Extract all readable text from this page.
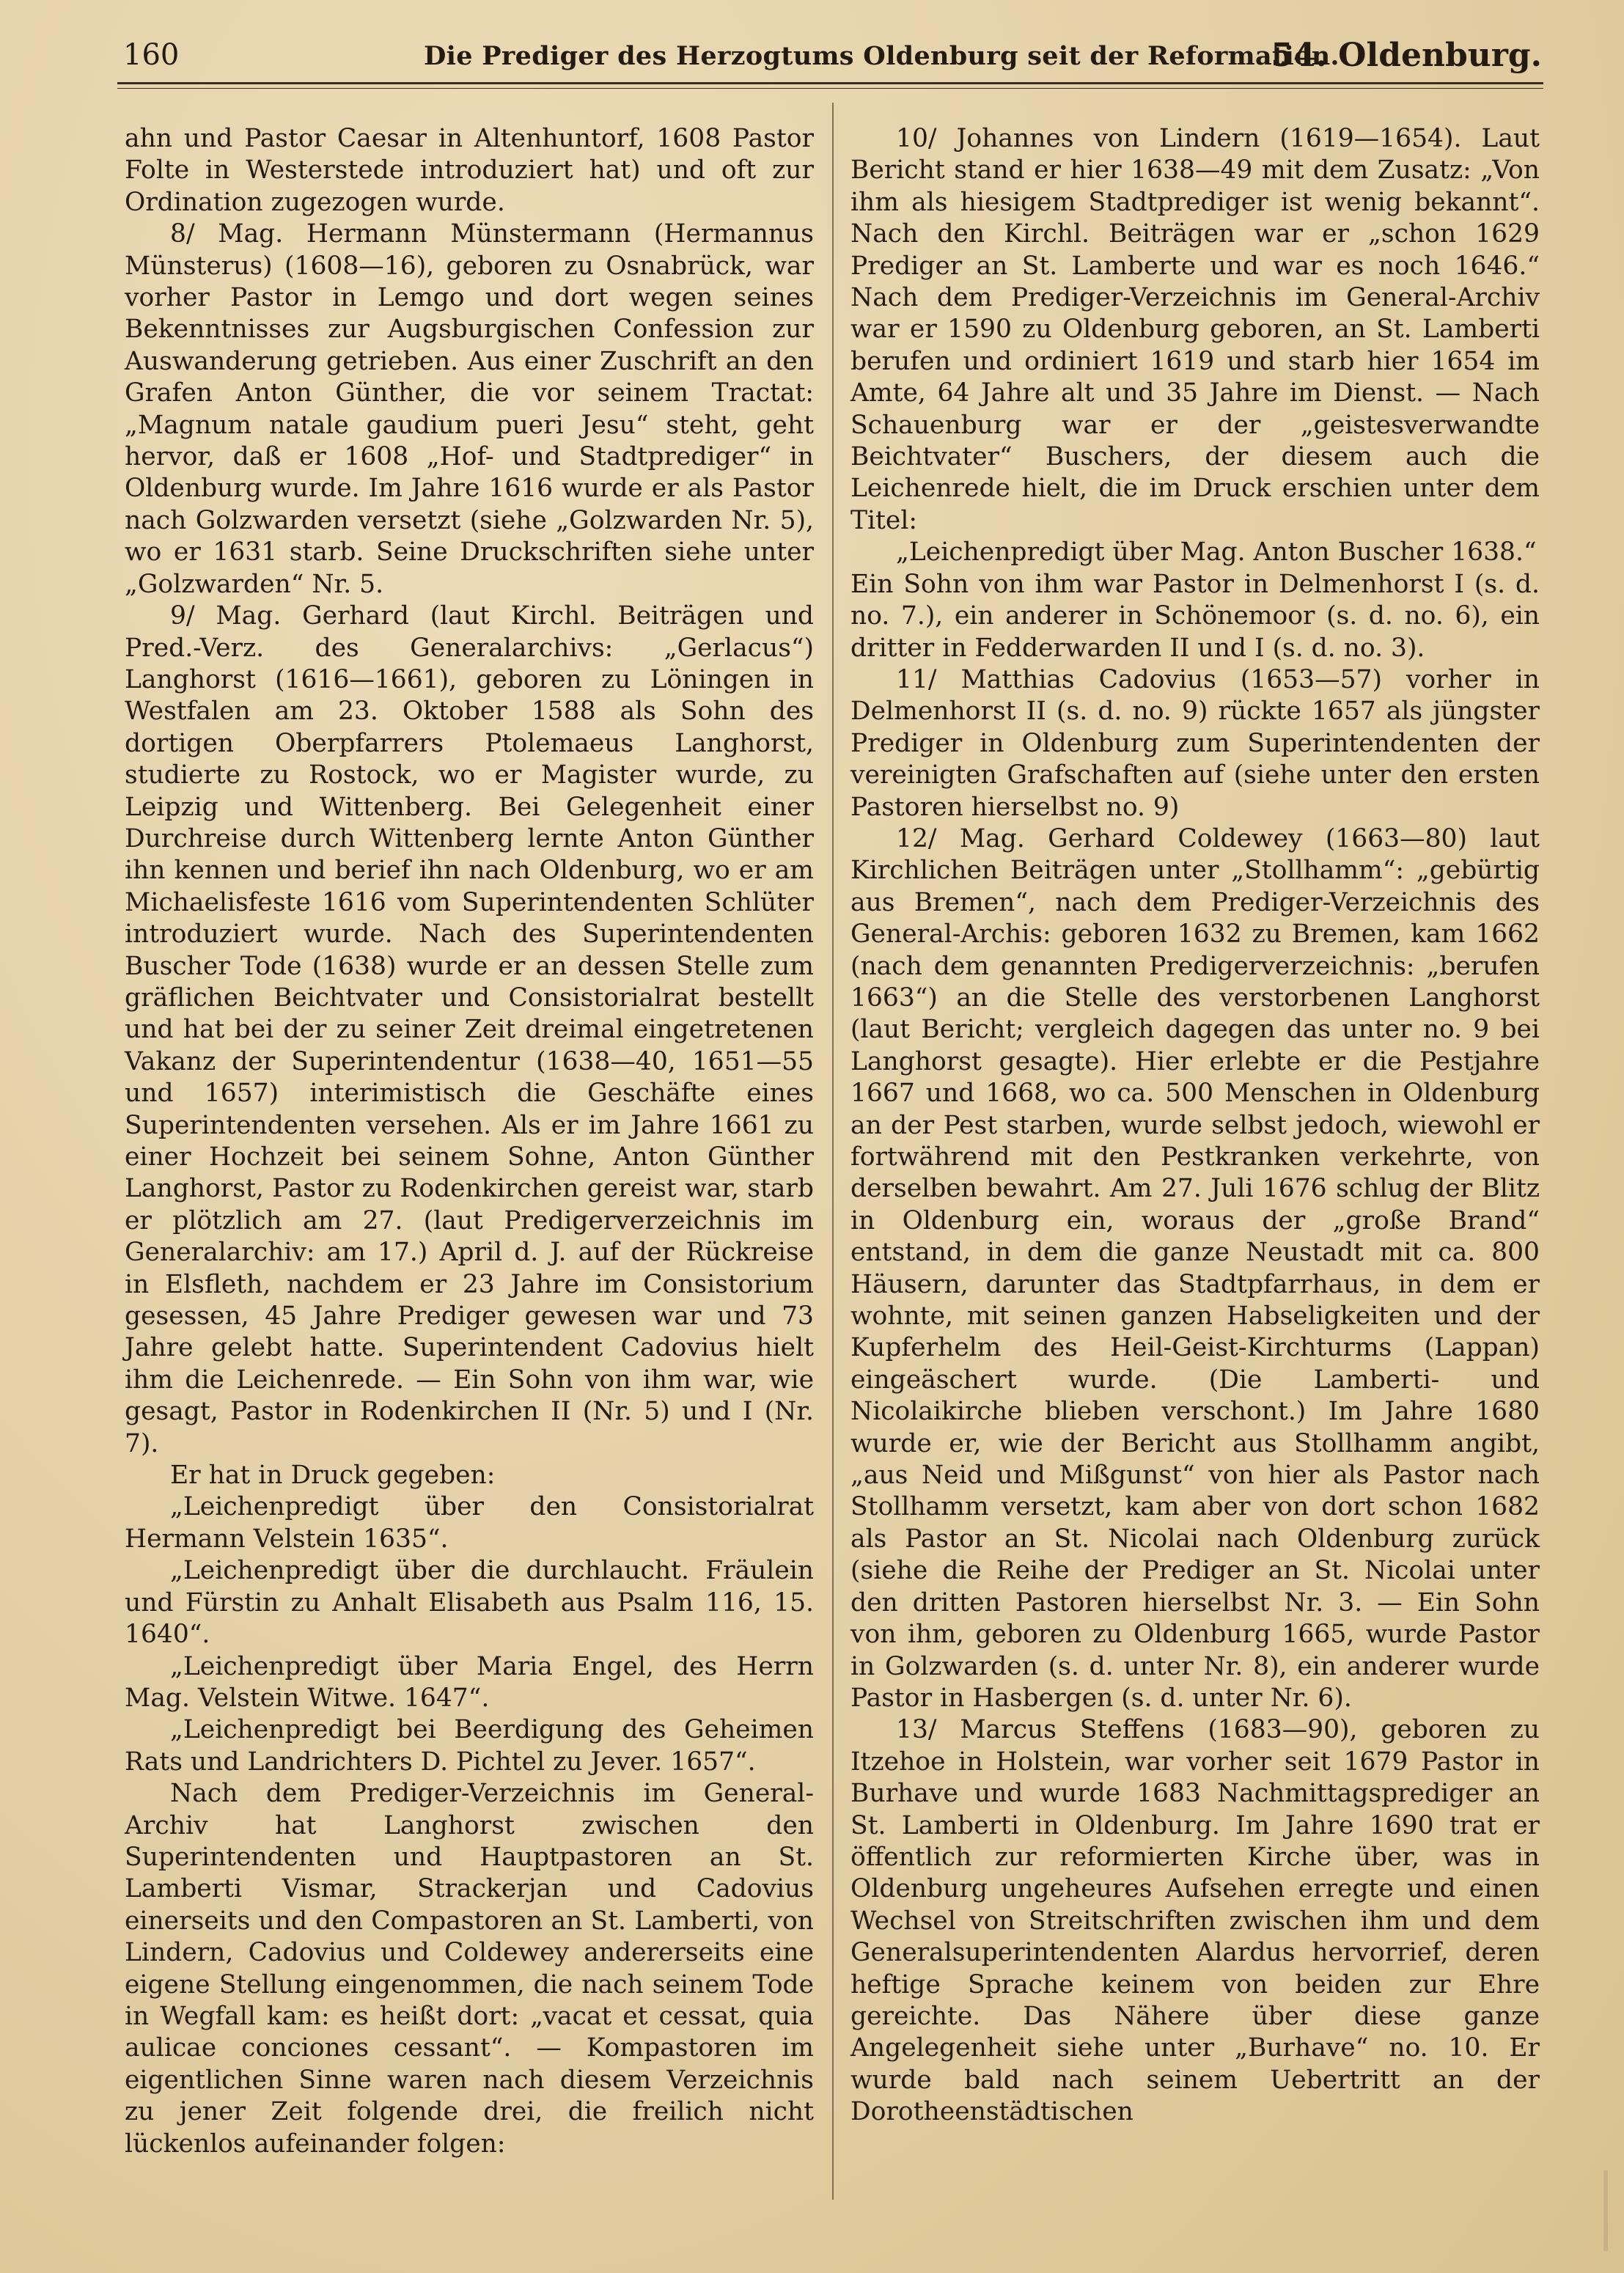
160	Die Prediger des Herzogtums Oldenburg seit der Reformation.
54. Oldenburg.

ahn und Pastor Caesar in Altenhuntorf, 1608 Pastor Folte in Westerstede introduziert hat) und oft zur Ordination zugezogen wurde.

8/ Mag. Hermann Münstermann (Hermannus Münsterus) (1608—16), geboren zu Osnabrück, war vorher Pastor in Lemgo und dort wegen seines Bekenntnisses zur Augsburgischen Confession zur Auswanderung getrieben. Aus einer Zuschrift an den Grafen Anton Günther, die vor seinem Tractat: „Magnum natale gaudium pueri Jesu“ steht, geht hervor, daß er 1608 „Hof- und Stadtprediger“ in Oldenburg wurde. Im Jahre 1616 wurde er als Pastor nach Golzwarden versetzt (siehe „Golzwarden Nr. 5), wo er 1631 starb. Seine Druckschriften siehe unter „Golzwarden“ Nr. 5.

9/ Mag. Gerhard (laut Kirchl. Beiträgen und Pred.-Verz. des Generalarchivs: „Gerlacus“) Langhorst (1616—1661), geboren zu Löningen in Westfalen am 23. Oktober 1588 als Sohn des dortigen Oberpfarrers Ptolemaeus Langhorst, studierte zu Rostock, wo er Magister wurde, zu Leipzig und Wittenberg. Bei Gelegenheit einer Durchreise durch Wittenberg lernte Anton Günther ihn kennen und berief ihn nach Oldenburg, wo er am Michaelisfeste 1616 vom Superintendenten Schlüter introduziert wurde. Nach des Superintendenten Buscher Tode (1638) wurde er an dessen Stelle zum gräflichen Beichtvater und Consistorialrat bestellt und hat bei der zu seiner Zeit dreimal eingetretenen Vakanz der Superintendentur (1638—40, 1651—55 und 1657) interimistisch die Geschäfte eines Superintendenten versehen. Als er im Jahre 1661 zu einer Hochzeit bei seinem Sohne, Anton Günther Langhorst, Pastor zu Rodenkirchen gereist war, starb er plötzlich am 27. (laut Predigerverzeichnis im Generalarchiv: am 17.) April d. J. auf der Rückreise in Elsfleth, nachdem er 23 Jahre im Consistorium gesessen, 45 Jahre Prediger gewesen war und 73 Jahre gelebt hatte. Superintendent Cadovius hielt ihm die Leichenrede. — Ein Sohn von ihm war, wie gesagt, Pastor in Rodenkirchen II (Nr. 5) und I (Nr. 7).

Er hat in Druck gegeben:

„Leichenpredigt über den Consistorialrat Hermann Velstein 1635“.

„Leichenpredigt über die durchlaucht. Fräulein und Fürstin zu Anhalt Elisabeth aus Psalm 116, 15. 1640“.

„Leichenpredigt über Maria Engel, des Herrn Mag. Velstein Witwe. 1647“.

„Leichenpredigt bei Beerdigung des Geheimen Rats und Landrichters D. Pichtel zu Jever. 1657“.

Nach dem Prediger-Verzeichnis im General-Archiv hat Langhorst zwischen den Superintendenten und Hauptpastoren an St. Lamberti Vismar, Strackerjan und Cadovius einerseits und den Compastoren an St. Lamberti, von Lindern, Cadovius und Coldewey andererseits eine eigene Stellung eingenommen, die nach seinem Tode in Wegfall kam: es heißt dort: „vacat et cessat, quia aulicae conciones cessant“. — Kompastoren im eigentlichen Sinne waren nach diesem Verzeichnis zu jener Zeit folgende drei, die freilich nicht lückenlos aufeinander folgen:

10/ Johannes von Lindern (1619—1654). Laut Bericht stand er hier 1638—49 mit dem Zusatz: „Von ihm als hiesigem Stadtprediger ist wenig bekannt“. Nach den Kirchl. Beiträgen war er „schon 1629 Prediger an St. Lamberte und war es noch 1646.“ Nach dem Prediger-Verzeichnis im General-Archiv war er 1590 zu Oldenburg geboren, an St. Lamberti berufen und ordiniert 1619 und starb hier 1654 im Amte, 64 Jahre alt und 35 Jahre im Dienst. — Nach Schauenburg war er der „geistesverwandte Beichtvater“ Buschers, der diesem auch die Leichenrede hielt, die im Druck erschien unter dem Titel:

„Leichenpredigt über Mag. Anton Buscher 1638.“

Ein Sohn von ihm war Pastor in Delmenhorst I (s. d. no. 7.), ein anderer in Schönemoor (s. d. no. 6), ein dritter in Fedderwarden II und I (s. d. no. 3).

11/ Matthias Cadovius (1653—57) vorher in Delmenhorst II (s. d. no. 9) rückte 1657 als jüngster Prediger in Oldenburg zum Superintendenten der vereinigten Grafschaften auf (siehe unter den ersten Pastoren hierselbst no. 9)

12/ Mag. Gerhard Coldewey (1663—80) laut Kirchlichen Beiträgen unter „Stollhamm“: „gebürtig aus Bremen“, nach dem Prediger-Verzeichnis des General-Archis: geboren 1632 zu Bremen, kam 1662 (nach dem genannten Predigerverzeichnis: „berufen 1663“) an die Stelle des verstorbenen Langhorst (laut Bericht; vergleich dagegen das unter no. 9 bei Langhorst gesagte). Hier erlebte er die Pestjahre 1667 und 1668, wo ca. 500 Menschen in Oldenburg an der Pest starben, wurde selbst jedoch, wiewohl er fortwährend mit den Pestkranken verkehrte, von derselben bewahrt. Am 27. Juli 1676 schlug der Blitz in Oldenburg ein, woraus der „große Brand“ entstand, in dem die ganze Neustadt mit ca. 800 Häusern, darunter das Stadtpfarrhaus, in dem er wohnte, mit seinen ganzen Habseligkeiten und der Kupferhelm des Heil-Geist-Kirchturms (Lappan) eingeäschert wurde. (Die Lamberti- und Nicolaikirche blieben verschont.) Im Jahre 1680 wurde er, wie der Bericht aus Stollhamm angibt, „aus Neid und Mißgunst“ von hier als Pastor nach Stollhamm versetzt, kam aber von dort schon 1682 als Pastor an St. Nicolai nach Oldenburg zurück (siehe die Reihe der Prediger an St. Nicolai unter den dritten Pastoren hierselbst Nr. 3. — Ein Sohn von ihm, geboren zu Oldenburg 1665, wurde Pastor in Golzwarden (s. d. unter Nr. 8), ein anderer wurde Pastor in Hasbergen (s. d. unter Nr. 6).

13/ Marcus Steffens (1683—90), geboren zu Itzehoe in Holstein, war vorher seit 1679 Pastor in Burhave und wurde 1683 Nachmittagsprediger an St. Lamberti in Oldenburg. Im Jahre 1690 trat er öffentlich zur reformierten Kirche über, was in Oldenburg ungeheures Aufsehen erregte und einen Wechsel von Streitschriften zwischen ihm und dem Generalsuperintendenten Alardus hervorrief, deren heftige Sprache keinem von beiden zur Ehre gereichte. Das Nähere über diese ganze Angelegenheit siehe unter „Burhave“ no. 10. Er wurde bald nach seinem Uebertritt an der Dorotheenstädtischen
